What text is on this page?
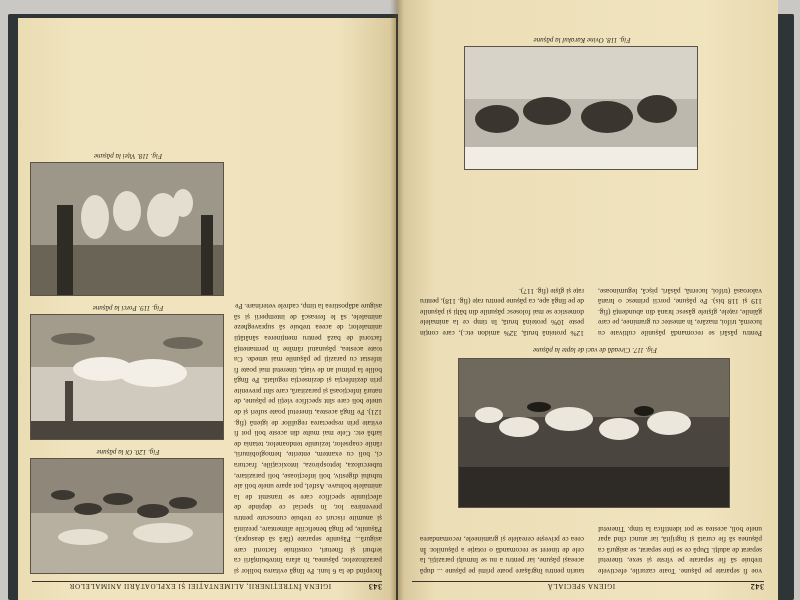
343
IGIENA ÎNTREȚINERII, ALIMENTAȚIEI ȘI EXPLOATĂRII ANIMALELOR
Începînd de la 6 luni. Pe lîngă evitarea bolilor și parazitozelor, pășunea, în afara întrebuințării ca ierburi și fîneturi, constituie factorul care asigură... Pășunile separate (fără să deasupra). Pășunile, pe lîngă beneficiile alimentare, prezintă și anumite riscuri ce trebuie cunoscute pentru prevenirea lor, în special ce depinde de afecțiunile specifice care se transmit de la animalele bolnave. Astfel, pot apare unele boli ale tubului digestiv, boli infecțioase, boli parazitare, tuberculoza, leptospiroza, intoxicațiile, fractura ci, boli cu exantem, enterite, hemoglobinurii, rănile coapselor, leziunile tendoanelor, tetania de iarbă etc. Cele mai multe din aceste boli pot fi evitate prin respectarea regulilor de igienă (fig. 121). Pe lîngă acestea, tineretul poate suferi și de unele boli care sînt specifice vieții pe pășune, de natură infecțioasă și parazitară, care sînt prevenite prin dezinfecția și dezinsecția regulată. Pe lîngă bolile la primul an de viață, tineretul mai poate fi infestat cu paraziți pe pășunile mai umede. Cu toate acestea, pășunatul rămîne în permanență factorul de bază pentru menținerea sănătății animalelor; de aceea trebuie să supravegheze animalele, să le ferească de intemperii și să asigure adăpostirea la timp, cadrele veterinare. Pe
Fig. 120. Oi la pășune
Fig. 119. Porci la pășune
Fig. 118. Viței la pășune
342
IGIENA SPECIALĂ
Fig. 117. Cireadă de vaci de lapte la pășune
Pentru păsări se recomandă pășunile cultivate cu lucernă, trifoi, mazăre, în amestec cu graminee, pe care găinile, rațele, gîștele găsesc hrană din abundență (fig. 119 și 118 bis). Pe pășune, porcii primesc o hrană valoroasă (trifoi, lucernă, păsări, pișcă, leguminoase, 12% proteină brută, 32% amidon etc.), care conțin peste 10% proteină brută, în timp ce la animalele domestice se mai folosesc pășunile din bălți și pășunile de pe lîngă ape, ca pășune pentru rațe (fig. 118), pentru rațe și gîște (fig. 117).
Fig. 118. Ovine Karakul la pășune
voe fi separate pe pășune. Toate cazurile, efectivele trebuie să fie separate pe vîrste și sexe, tineretul separat de adulți. După ce se ține separat, se asigură ca pășunea să fie curată și îngrijită, iar atunci cînd apar unele boli, acestea se pot identifica la timp. Tineretul taurin pentru îngrășare poate primi pe pășune ... după aceeași pășune, iar pentru a nu se înmulți paraziții, la cele de tineret se recomandă o rotație a pășunilor. În ceea ce privește cerealele și gramineele, recomandarea
